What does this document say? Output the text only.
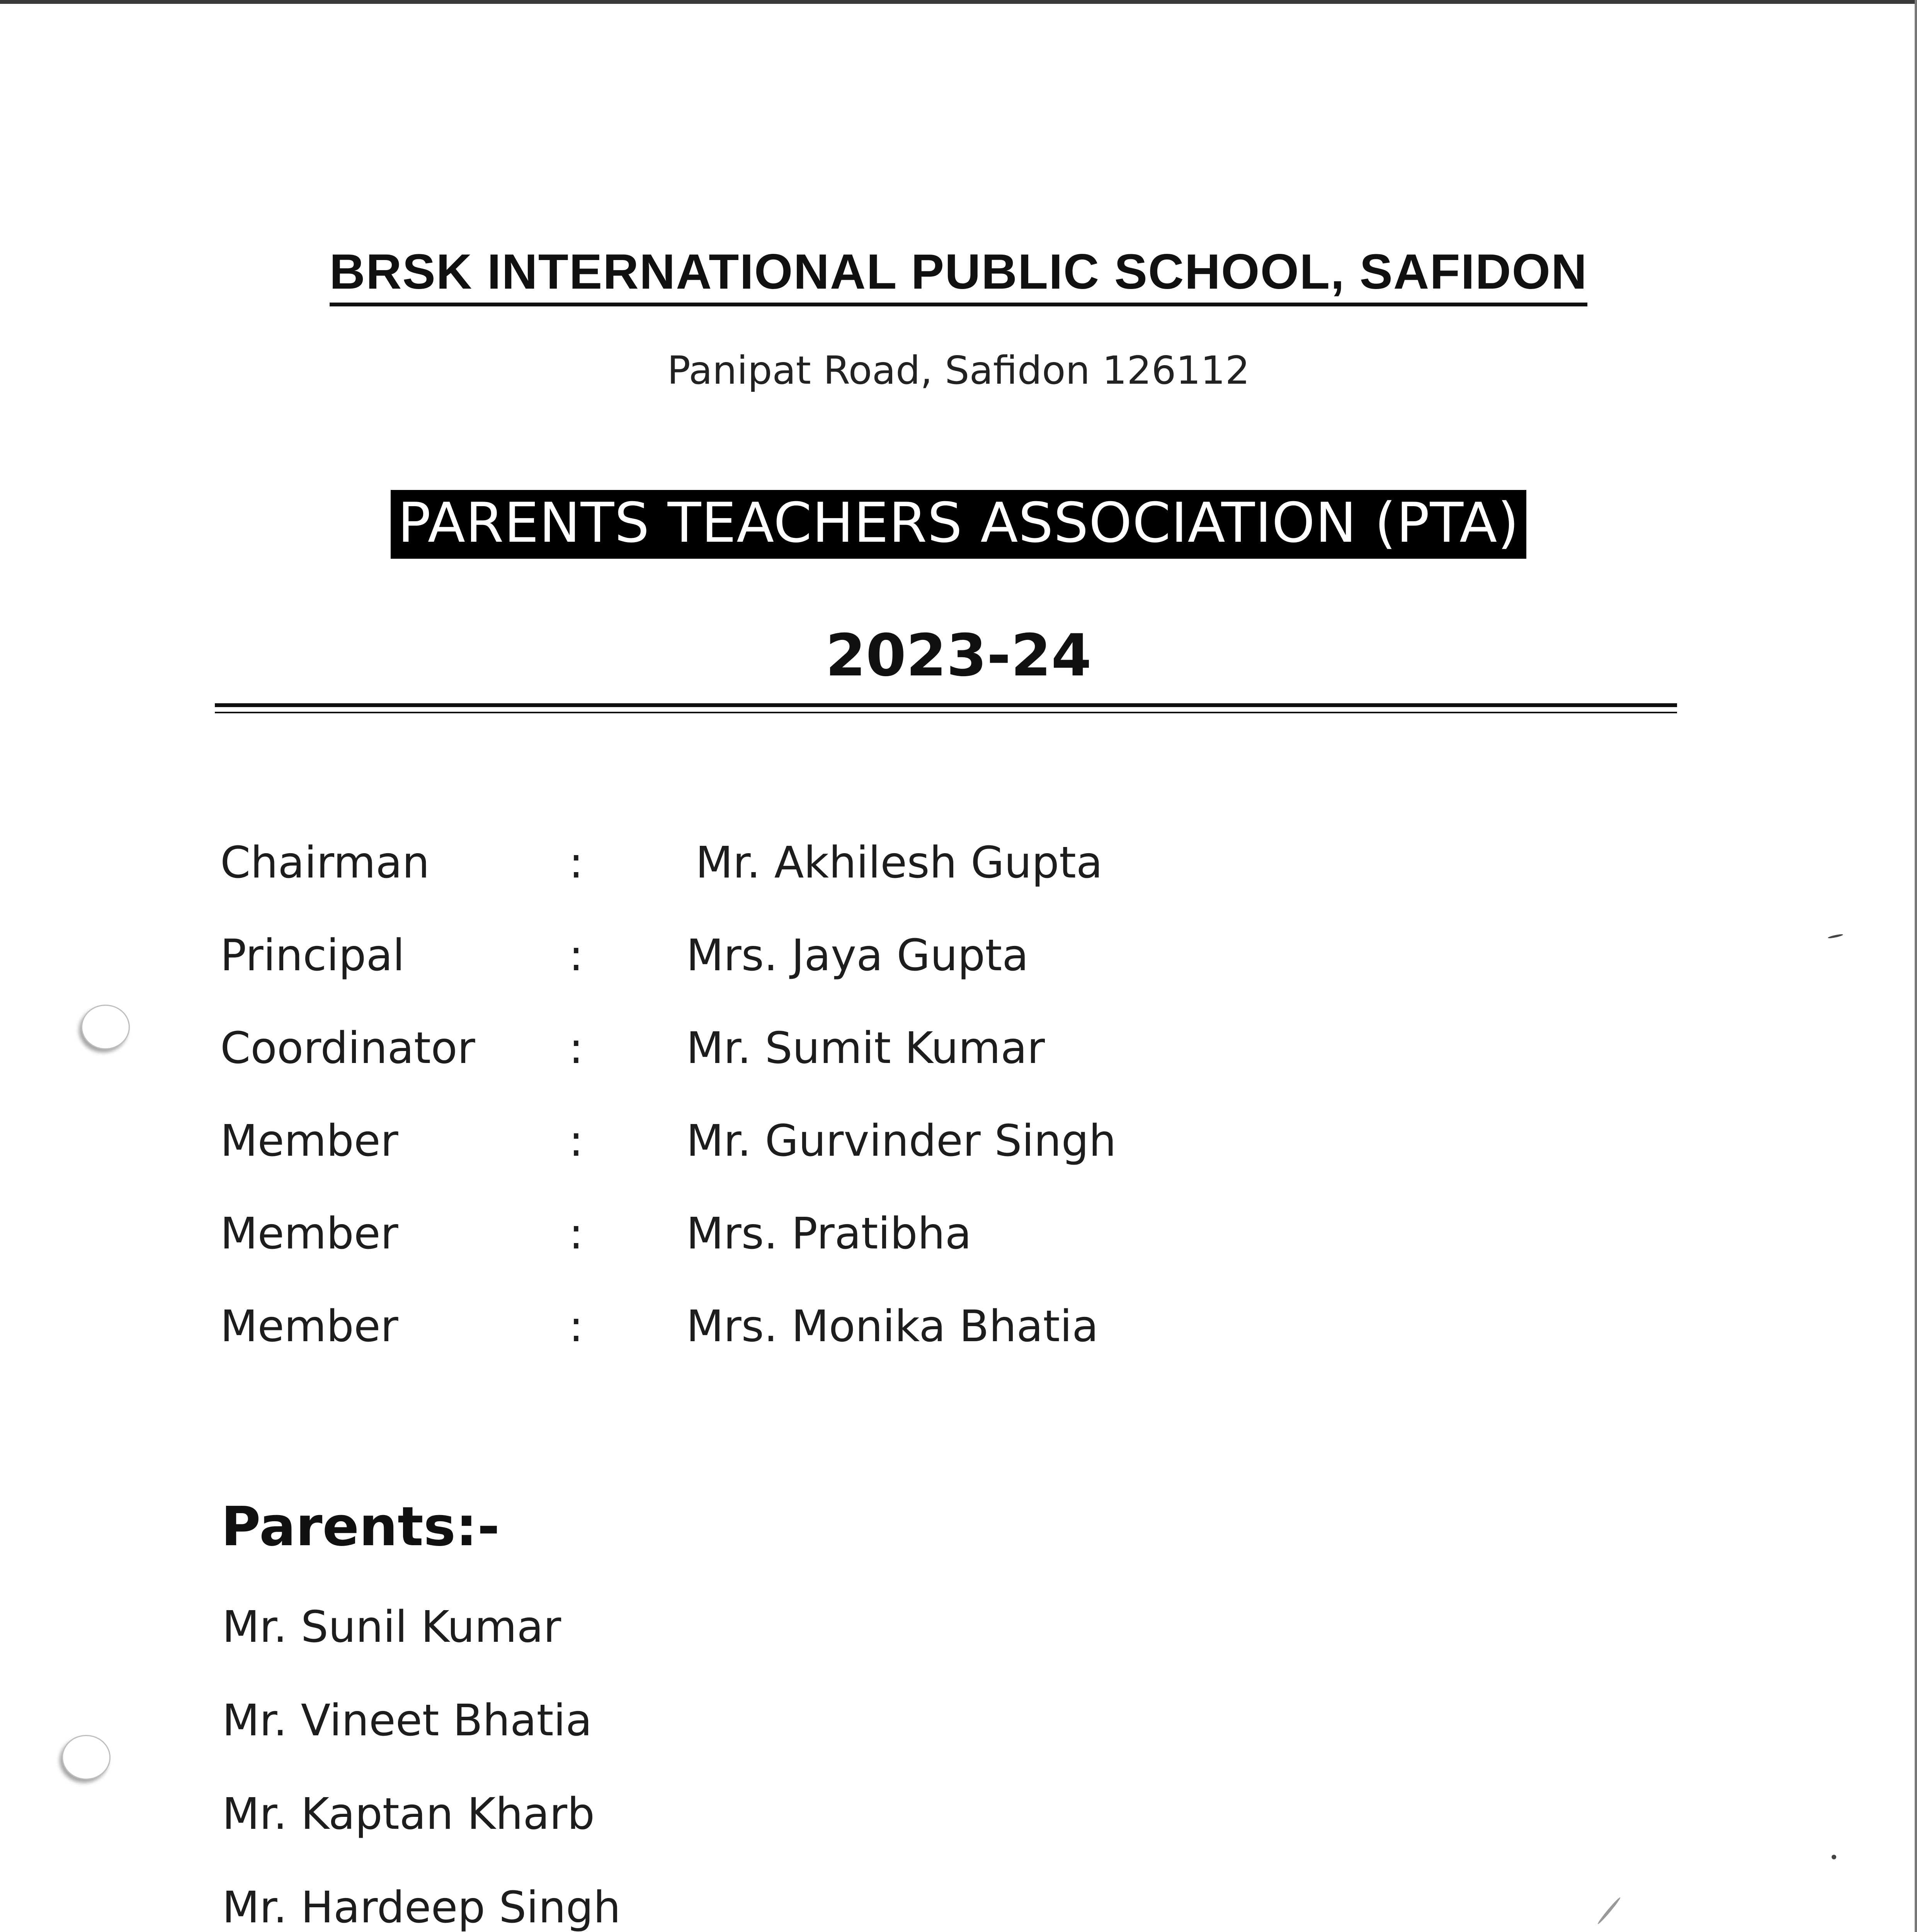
BRSK INTERNATIONAL PUBLIC SCHOOL, SAFIDON
Panipat Road, Safidon 126112
PARENTS TEACHERS ASSOCIATION (PTA)
2023-24
Chairman	:	Mr. Akhilesh Gupta
Principal	: Mrs. Jaya Gupta
Coordinator : Mr. Sumit Kumar
Member	: Mr. Gurvinder Singh
Member	: Mrs. Pratibha
Member	: Mrs. Monika Bhatia
Parents:-
Mr. Sunil Kumar
Mr. Vineet Bhatia
Mr. Kaptan Kharb
Mr. Hardeep Singh
